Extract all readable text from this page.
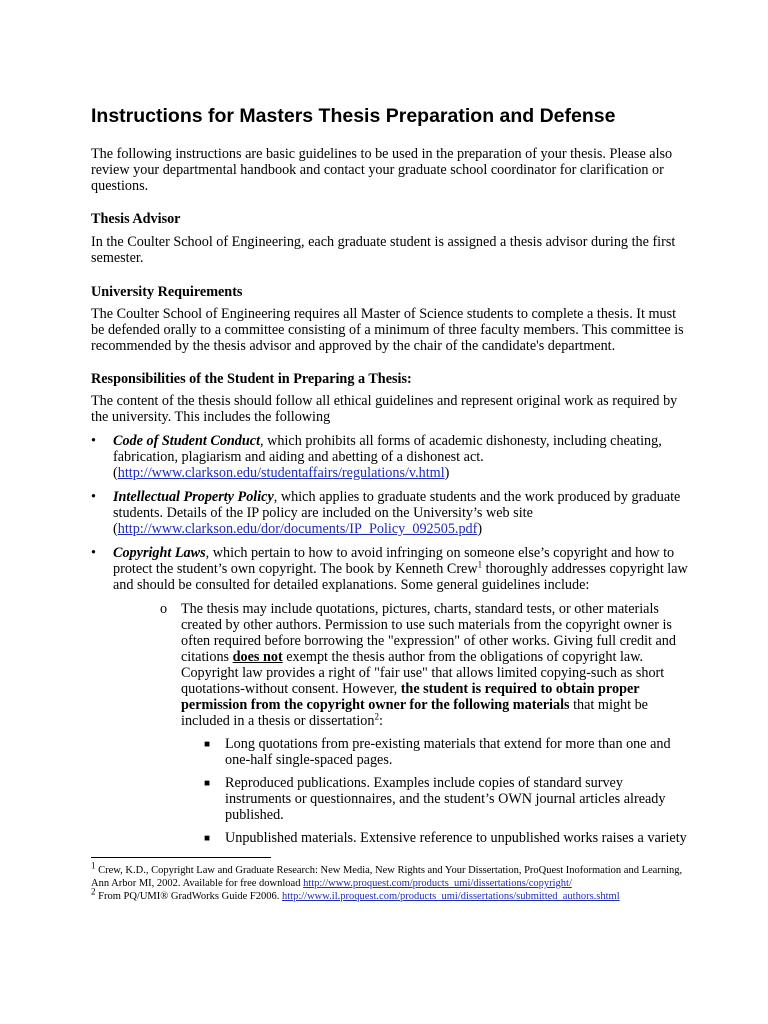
Instructions for Masters Thesis Preparation and Defense

The following instructions are basic guidelines to be used in the preparation of your thesis. Please also review your departmental handbook and contact your graduate school coordinator for clarification or questions.

Thesis Advisor

In the Coulter School of Engineering, each graduate student is assigned a thesis advisor during the first semester.

University Requirements

The Coulter School of Engineering requires all Master of Science students to complete a thesis. It must be defended orally to a committee consisting of a minimum of three faculty members. This committee is recommended by the thesis advisor and approved by the chair of the candidate's department.

Responsibilities of the Student in Preparing a Thesis:

The content of the thesis should follow all ethical guidelines and represent original work as required by the university. This includes the following

•	Code of Student Conduct, which prohibits all forms of academic dishonesty, including cheating, fabrication, plagiarism and aiding and abetting of a dishonest act. (http://www.clarkson.edu/studentaffairs/regulations/v.html)
•	Intellectual Property Policy, which applies to graduate students and the work produced by graduate students. Details of the IP policy are included on the University’s web site (http://www.clarkson.edu/dor/documents/IP_Policy_092505.pdf)
•	Copyright Laws, which pertain to how to avoid infringing on someone else’s copyright and how to protect the student’s own copyright. The book by Kenneth Crew$^1$ thoroughly addresses copyright law and should be consulted for detailed explanations. Some general guidelines include:
o The thesis may include quotations, pictures, charts, standard tests, or other materials created by other authors. Permission to use such materials from the copyright owner is often required before borrowing the "expression" of other works. Giving full credit and citations does not exempt the thesis author from the obligations of copyright law. Copyright law provides a right of "fair use" that allows limited copying-such as short quotations-without consent. However, the student is required to obtain proper permission from the copyright owner for the following materials that might be included in a thesis or dissertation$^2$:
■ Long quotations from pre-existing materials that extend for more than one and one-half single-spaced pages.
■ Reproduced publications. Examples include copies of standard survey instruments or questionnaires, and the student’s OWN journal articles already published.
■ Unpublished materials. Extensive reference to unpublished works raises a variety
$^1$ Crew, K.D., Copyright Law and Graduate Research: New Media, New Rights and Your Dissertation, ProQuest Inoformation and Learning, Ann Arbor MI, 2002. Available for free download http://www.proquest.com/products_umi/dissertations/copyright/
$^2$ From PQ/UMI® GradWorks Guide F2006. http://www.il.proquest.com/products_umi/dissertations/submitted_authors.shtml
